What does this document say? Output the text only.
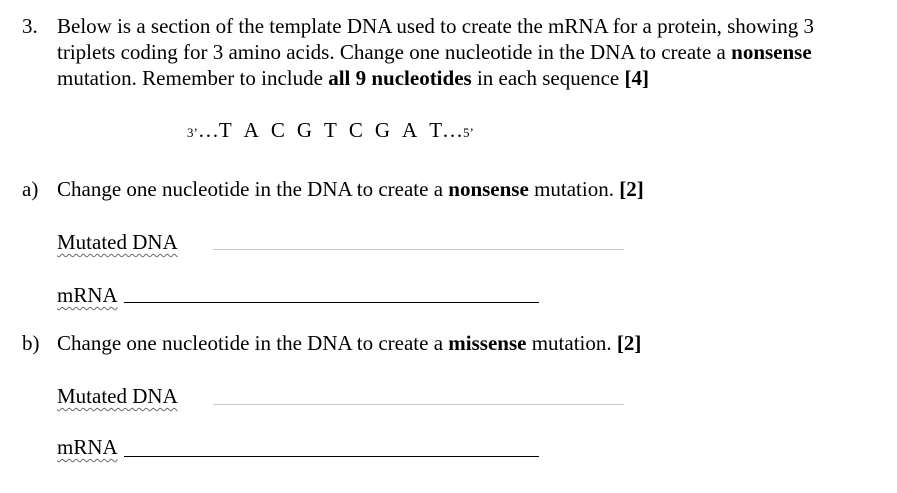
3. Below is a section of the template DNA used to create the mRNA for a protein, showing 3
triplets coding for 3 amino acids. Change one nucleotide in the DNA to create a nonsense
mutation. Remember to include all 9 nucleotides in each sequence [4]
3’…T A C G T C G A T…5’
a) Change one nucleotide in the DNA to create a nonsense mutation. [2]
Mutated DNA
mRNA
b) Change one nucleotide in the DNA to create a missense mutation. [2]
Mutated DNA
mRNA
